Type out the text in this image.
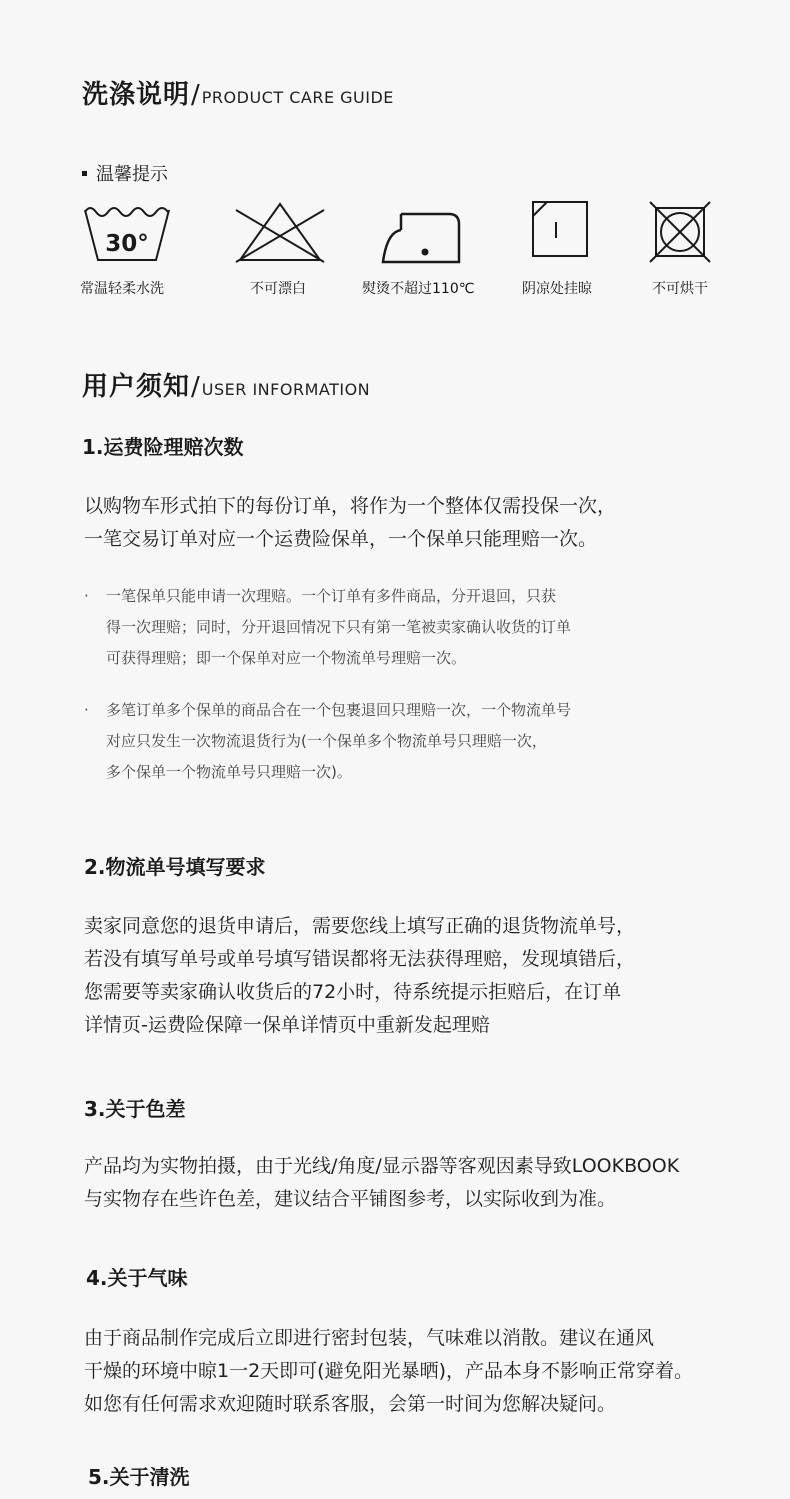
洗涤说明/PRODUCT CARE GUIDE
温馨提示
30°
常温轻柔水洗	不可漂白	熨烫不超过110℃	阴凉处挂晾	不可烘干
用户须知/USER INFORMATION
1.运费险理赔次数
以购物车形式拍下的每份订单，将作为一个整体仅需投保一次，
一笔交易订单对应一个运费险保单，一个保单只能理赔一次。
· 一笔保单只能申请一次理赔。一个订单有多件商品，分开退回，只获
得一次理赔；同时，分开退回情况下只有第一笔被卖家确认收货的订单
可获得理赔；即一个保单对应一个物流单号理赔一次。
· 多笔订单多个保单的商品合在一个包裹退回只理赔一次，一个物流单号
对应只发生一次物流退货行为(一个保单多个物流单号只理赔一次，
多个保单一个物流单号只理赔一次)。
2.物流单号填写要求
卖家同意您的退货申请后，需要您线上填写正确的退货物流单号，
若没有填写单号或单号填写错误都将无法获得理赔，发现填错后，
您需要等卖家确认收货后的72小时，待系统提示拒赔后，在订单
详情页-运费险保障一保单详情页中重新发起理赔
3.关于色差
产品均为实物拍摄，由于光线/角度/显示器等客观因素导致LOOKBOOK
与实物存在些许色差，建议结合平铺图参考，以实际收到为准。
4.关于气味
由于商品制作完成后立即进行密封包装，气味难以消散。建议在通风
干燥的环境中晾1一2天即可(避免阳光暴晒)，产品本身不影响正常穿着。
如您有任何需求欢迎随时联系客服，会第一时间为您解决疑问。
5.关于清洗
